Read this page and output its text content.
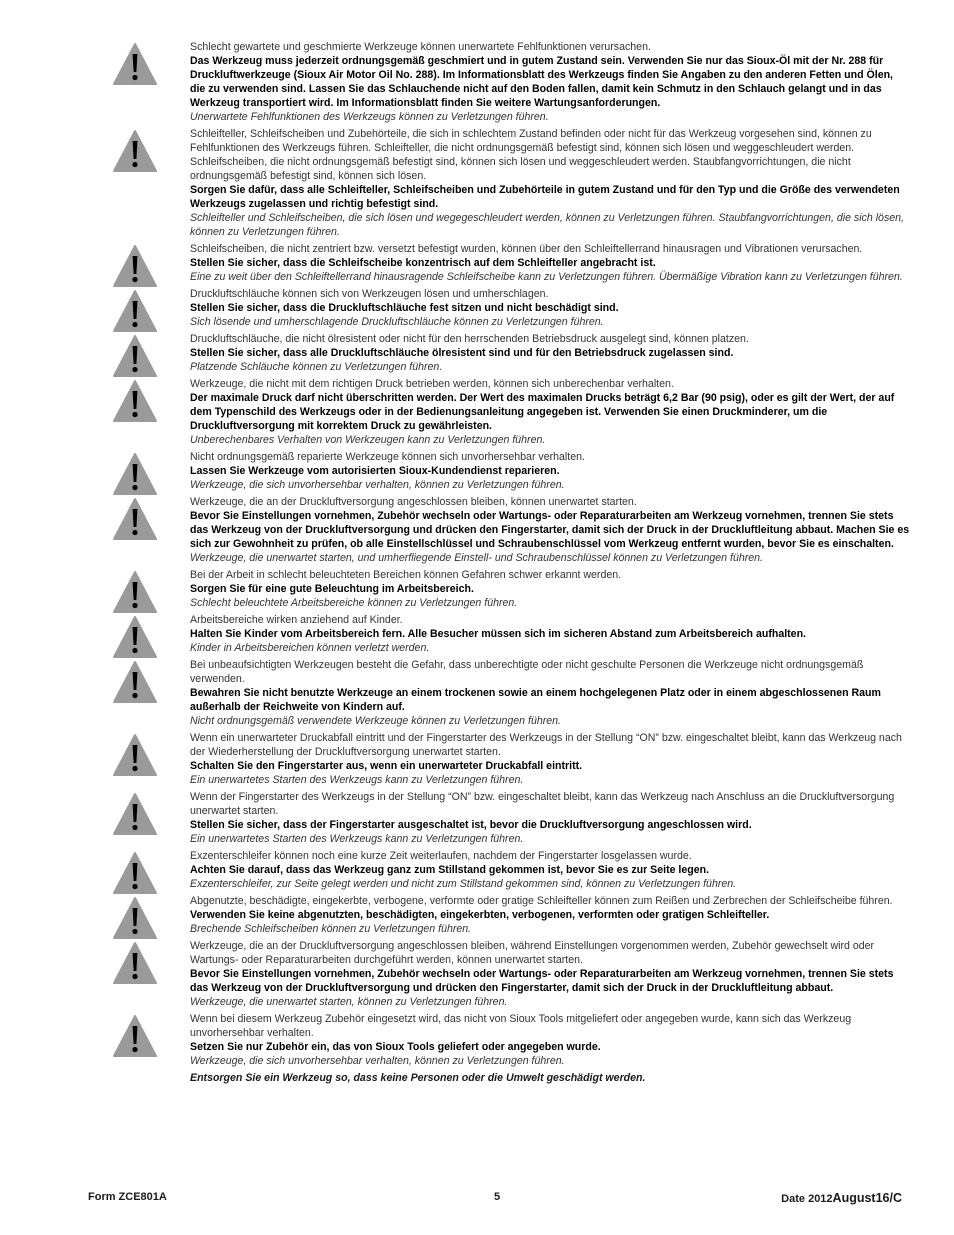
Schlecht gewartete und geschmierte Werkzeuge können unerwartete Fehlfunktionen verursachen.

Das Werkzeug muss jederzeit ordnungsgemäß geschmiert und in gutem Zustand sein. Verwenden Sie nur das Sioux-Öl mit der Nr. 288 für Druckluftwerkzeuge (Sioux Air Motor Oil No. 288). Im Informationsblatt des Werkzeugs finden Sie Angaben zu den anderen Fetten und Ölen, die zu verwenden sind. Lassen Sie das Schlauchende nicht auf den Boden fallen, damit kein Schmutz in den Schlauch gelangt und in das Werkzeug transportiert wird. Im Informationsblatt finden Sie weitere Wartungsanforderungen.

Unerwartete Fehlfunktionen des Werkzeugs können zu Verletzungen führen.

Schleifteller, Schleifscheiben und Zubehörteile, die sich in schlechtem Zustand befinden oder nicht für das Werkzeug vorgesehen sind, können zu Fehlfunktionen des Werkzeugs führen. Schleifteller, die nicht ordnungsgemäß befestigt sind, können sich lösen und weggeschleudert werden. Schleifscheiben, die nicht ordnungsgemäß befestigt sind, können sich lösen und weggeschleudert werden. Staubfangvorrichtungen, die nicht ordnungsgemäß befestigt sind, können sich lösen.

Sorgen Sie dafür, dass alle Schleifteller, Schleifscheiben und Zubehörteile in gutem Zustand und für den Typ und die Größe des verwendeten Werkzeugs zugelassen und richtig befestigt sind.

Schleifteller und Schleifscheiben, die sich lösen und wegegeschleudert werden, können zu Verletzungen führen. Staubfangvorrichtungen, die sich lösen, können zu Verletzungen führen.

Schleifscheiben, die nicht zentriert bzw. versetzt befestigt wurden, können über den Schleiftellerrand hinausragen und Vibrationen verursachen.

Stellen Sie sicher, dass die Schleifscheibe konzentrisch auf dem Schleifteller angebracht ist.

Eine zu weit über den Schleiftellerrand hinausragende Schleifscheibe kann zu Verletzungen führen. Übermäßige Vibration kann zu Verletzungen führen.

Druckluftschläuche können sich von Werkzeugen lösen und umherschlagen.

Stellen Sie sicher, dass die Druckluftschläuche fest sitzen und nicht beschädigt sind.

Sich lösende und umherschlagende Druckluftschläuche können zu Verletzungen führen.

Druckluftschläuche, die nicht ölresistent oder nicht für den herrschenden Betriebsdruck ausgelegt sind, können platzen.

Stellen Sie sicher, dass alle Druckluftschläuche ölresistent sind und für den Betriebsdruck zugelassen sind.

Platzende Schläuche können zu Verletzungen führen.

Werkzeuge, die nicht mit dem richtigen Druck betrieben werden, können sich unberechenbar verhalten.

Der maximale Druck darf nicht überschritten werden. Der Wert des maximalen Drucks beträgt 6,2 Bar (90 psig), oder es gilt der Wert, der auf dem Typenschild des Werkzeugs oder in der Bedienungsanleitung angegeben ist. Verwenden Sie einen Druckminderer, um die Druckluftversorgung mit korrektem Druck zu gewährleisten.

Unberechenbares Verhalten von Werkzeugen kann zu Verletzungen führen.

Nicht ordnungsgemäß reparierte Werkzeuge können sich unvorhersehbar verhalten.

Lassen Sie Werkzeuge vom autorisierten Sioux-Kundendienst reparieren.

Werkzeuge, die sich unvorhersehbar verhalten, können zu Verletzungen führen.

Werkzeuge, die an der Druckluftversorgung angeschlossen bleiben, können unerwartet starten.

Bevor Sie Einstellungen vornehmen, Zubehör wechseln oder Wartungs- oder Reparaturarbeiten am Werkzeug vornehmen, trennen Sie stets das Werkzeug von der Druckluftversorgung und drücken den Fingerstarter, damit sich der Druck in der Druckluftleitung abbaut. Machen Sie es sich zur Gewohnheit zu prüfen, ob alle Einstellschlüssel und Schraubenschlüssel vom Werkzeug entfernt wurden, bevor Sie es einschalten.

Werkzeuge, die unerwartet starten, und umherfliegende Einstell- und Schraubenschlüssel können zu Verletzungen führen.

Bei der Arbeit in schlecht beleuchteten Bereichen können Gefahren schwer erkannt werden.

Sorgen Sie für eine gute Beleuchtung im Arbeitsbereich.

Schlecht beleuchtete Arbeitsbereiche können zu Verletzungen führen.

Arbeitsbereiche wirken anziehend auf Kinder.

Halten Sie Kinder vom Arbeitsbereich fern. Alle Besucher müssen sich im sicheren Abstand zum Arbeitsbereich aufhalten.

Kinder in Arbeitsbereichen können verletzt werden.

Bei unbeaufsichtigten Werkzeugen besteht die Gefahr, dass unberechtigte oder nicht geschulte Personen die Werkzeuge nicht ordnungsgemäß verwenden.

Bewahren Sie nicht benutzte Werkzeuge an einem trockenen sowie an einem hochgelegenen Platz oder in einem abgeschlossenen Raum außerhalb der Reichweite von Kindern auf.

Nicht ordnungsgemäß verwendete Werkzeuge können zu Verletzungen führen.

Wenn ein unerwarteter Druckabfall eintritt und der Fingerstarter des Werkzeugs in der Stellung “ON” bzw. eingeschaltet bleibt, kann das Werkzeug nach der Wiederherstellung der Druckluftversorgung unerwartet starten.

Schalten Sie den Fingerstarter aus, wenn ein unerwarteter Druckabfall eintritt.

Ein unerwartetes Starten des Werkzeugs kann zu Verletzungen führen.

Wenn der Fingerstarter des Werkzeugs in der Stellung “ON” bzw. eingeschaltet bleibt, kann das Werkzeug nach Anschluss an die Druckluftversorgung unerwartet starten.

Stellen Sie sicher, dass der Fingerstarter ausgeschaltet ist, bevor die Druckluftversorgung angeschlossen wird.

Ein unerwartetes Starten des Werkzeugs kann zu Verletzungen führen.

Exzenterschleifer können noch eine kurze Zeit weiterlaufen, nachdem der Fingerstarter losgelassen wurde.

Achten Sie darauf, dass das Werkzeug ganz zum Stillstand gekommen ist, bevor Sie es zur Seite legen.

Exzenterschleifer, zur Seite gelegt werden und nicht zum Stillstand gekommen sind, können zu Verletzungen führen.

Abgenutzte, beschädigte, eingekerbte, verbogene, verformte oder gratige Schleifteller können zum Reißen und Zerbrechen der Schleifscheibe führen.

Verwenden Sie keine abgenutzten, beschädigten, eingekerbten, verbogenen, verformten oder gratigen Schleifteller.

Brechende Schleifscheiben können zu Verletzungen führen.

Werkzeuge, die an der Druckluftversorgung angeschlossen bleiben, während Einstellungen vorgenommen werden, Zubehör gewechselt wird oder Wartungs- oder Reparaturarbeiten durchgeführt werden, können unerwartet starten.

Bevor Sie Einstellungen vornehmen, Zubehör wechseln oder Wartungs- oder Reparaturarbeiten am Werkzeug vornehmen, trennen Sie stets das Werkzeug von der Druckluftversorgung und drücken den Fingerstarter, damit sich der Druck in der Druckluftleitung abbaut.

Werkzeuge, die unerwartet starten, können zu Verletzungen führen.

Wenn bei diesem Werkzeug Zubehör eingesetzt wird, das nicht von Sioux Tools mitgeliefert oder angegeben wurde, kann sich das Werkzeug unvorhersehbar verhalten.

Setzen Sie nur Zubehör ein, das von Sioux Tools geliefert oder angegeben wurde.

Werkzeuge, die sich unvorhersehbar verhalten, können zu Verletzungen führen.

Entsorgen Sie ein Werkzeug so, dass keine Personen oder die Umwelt geschädigt werden.

Form ZCE801A	5	Date 2012August16/C
